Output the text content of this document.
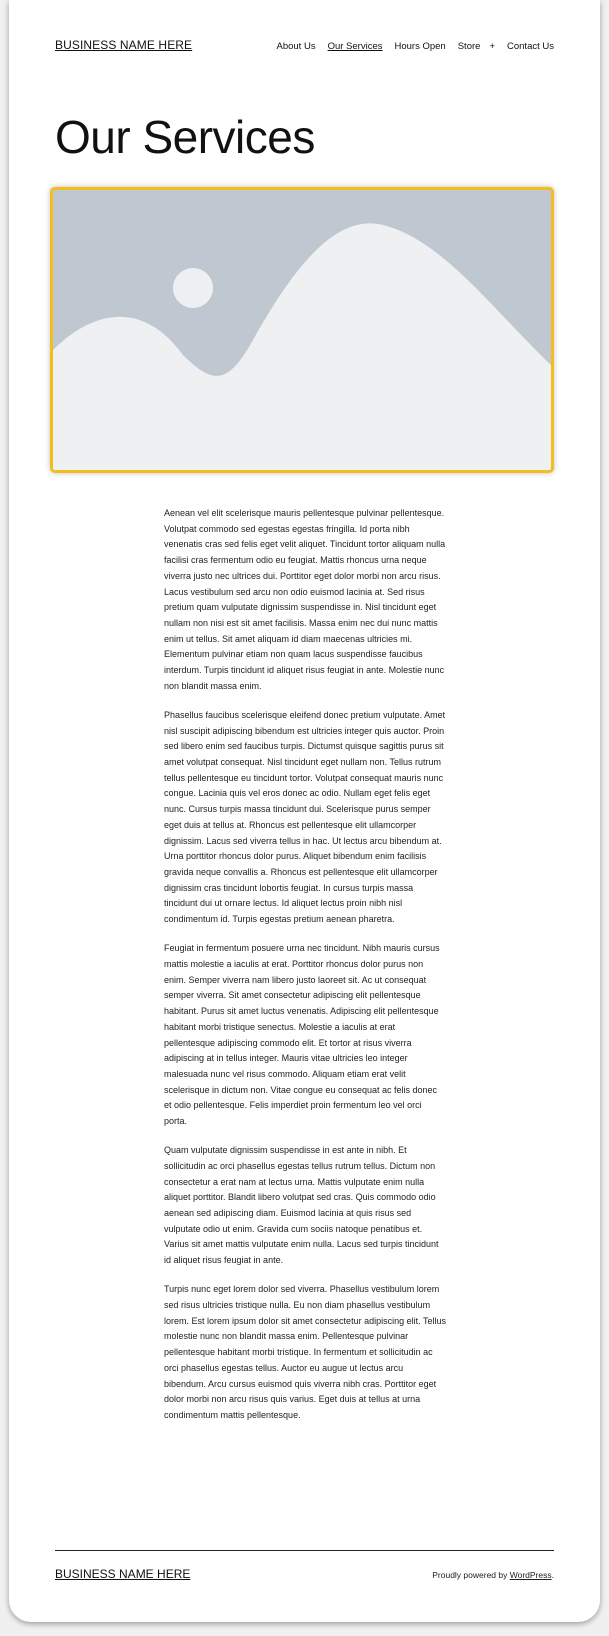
BUSINESS NAME HERE	About Us Our Services Hours Open Store + Contact Us
Our Services

Aenean vel elit scelerisque mauris pellentesque pulvinar pellentesque. Volutpat commodo sed egestas egestas fringilla. Id porta nibh venenatis cras sed felis eget velit aliquet. Tincidunt tortor aliquam nulla facilisi cras fermentum odio eu feugiat. Mattis rhoncus urna neque viverra justo nec ultrices dui. Porttitor eget dolor morbi non arcu risus. Lacus vestibulum sed arcu non odio euismod lacinia at. Sed risus pretium quam vulputate dignissim suspendisse in. Nisl tincidunt eget nullam non nisi est sit amet facilisis. Massa enim nec dui nunc mattis enim ut tellus. Sit amet aliquam id diam maecenas ultricies mi. Elementum pulvinar etiam non quam lacus suspendisse faucibus interdum. Turpis tincidunt id aliquet risus feugiat in ante. Molestie nunc non blandit massa enim.

Phasellus faucibus scelerisque eleifend donec pretium vulputate. Amet nisl suscipit adipiscing bibendum est ultricies integer quis auctor. Proin sed libero enim sed faucibus turpis. Dictumst quisque sagittis purus sit amet volutpat consequat. Nisl tincidunt eget nullam non. Tellus rutrum tellus pellentesque eu tincidunt tortor. Volutpat consequat mauris nunc congue. Lacinia quis vel eros donec ac odio. Nullam eget felis eget nunc. Cursus turpis massa tincidunt dui. Scelerisque purus semper eget duis at tellus at. Rhoncus est pellentesque elit ullamcorper dignissim. Lacus sed viverra tellus in hac. Ut lectus arcu bibendum at. Urna porttitor rhoncus dolor purus. Aliquet bibendum enim facilisis gravida neque convallis a. Rhoncus est pellentesque elit ullamcorper dignissim cras tincidunt lobortis feugiat. In cursus turpis massa tincidunt dui ut ornare lectus. Id aliquet lectus proin nibh nisl condimentum id. Turpis egestas pretium aenean pharetra.

Feugiat in fermentum posuere urna nec tincidunt. Nibh mauris cursus mattis molestie a iaculis at erat. Porttitor rhoncus dolor purus non enim. Semper viverra nam libero justo laoreet sit. Ac ut consequat semper viverra. Sit amet consectetur adipiscing elit pellentesque habitant. Purus sit amet luctus venenatis. Adipiscing elit pellentesque habitant morbi tristique senectus. Molestie a iaculis at erat pellentesque adipiscing commodo elit. Et tortor at risus viverra adipiscing at in tellus integer. Mauris vitae ultricies leo integer malesuada nunc vel risus commodo. Aliquam etiam erat velit scelerisque in dictum non. Vitae congue eu consequat ac felis donec et odio pellentesque. Felis imperdiet proin fermentum leo vel orci porta.

Quam vulputate dignissim suspendisse in est ante in nibh. Et sollicitudin ac orci phasellus egestas tellus rutrum tellus. Dictum non consectetur a erat nam at lectus urna. Mattis vulputate enim nulla aliquet porttitor. Blandit libero volutpat sed cras. Quis commodo odio aenean sed adipiscing diam. Euismod lacinia at quis risus sed vulputate odio ut enim. Gravida cum sociis natoque penatibus et. Varius sit amet mattis vulputate enim nulla. Lacus sed turpis tincidunt id aliquet risus feugiat in ante.

Turpis nunc eget lorem dolor sed viverra. Phasellus vestibulum lorem sed risus ultricies tristique nulla. Eu non diam phasellus vestibulum lorem. Est lorem ipsum dolor sit amet consectetur adipiscing elit. Tellus molestie nunc non blandit massa enim. Pellentesque pulvinar pellentesque habitant morbi tristique. In fermentum et sollicitudin ac orci phasellus egestas tellus. Auctor eu augue ut lectus arcu bibendum. Arcu cursus euismod quis viverra nibh cras. Porttitor eget dolor morbi non arcu risus quis varius. Eget duis at tellus at urna condimentum mattis pellentesque.

BUSINESS NAME HERE	Proudly powered by WordPress.
